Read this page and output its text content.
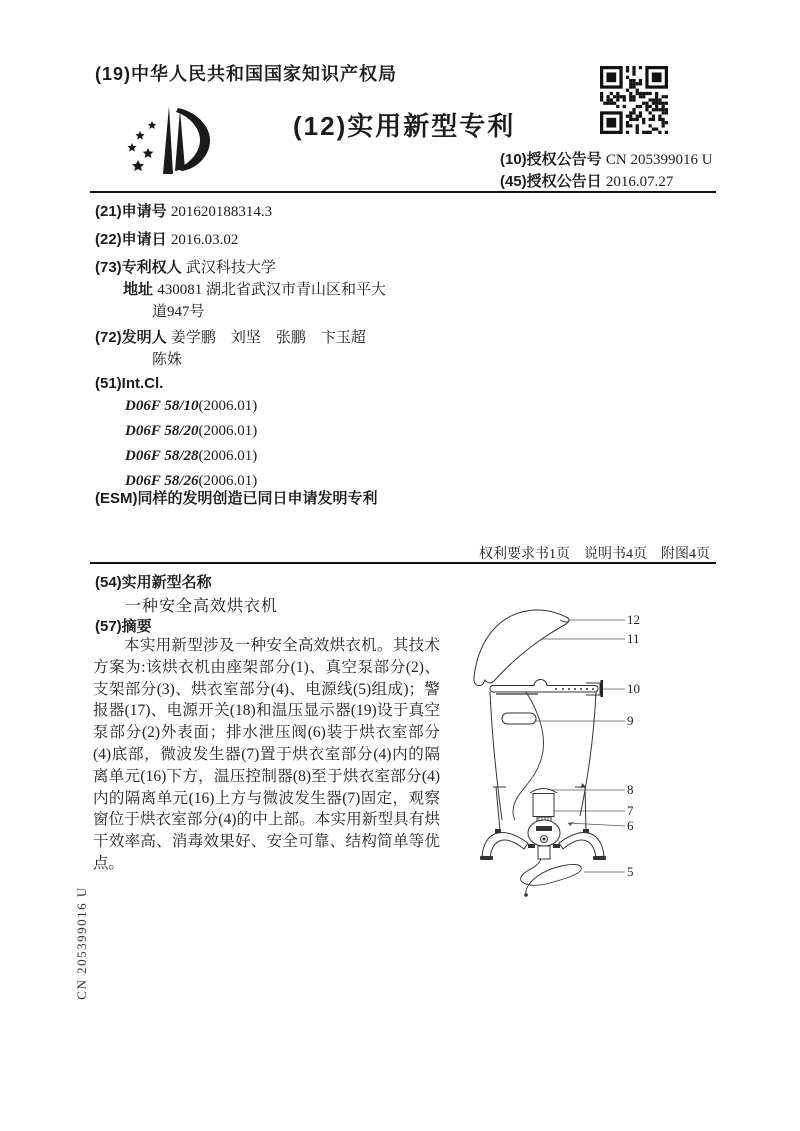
CN 205399016 U
(19)中华人民共和国国家知识产权局
(12)实用新型专利
(10)授权公告号 CN 205399016 U
(45)授权公告日 2016.07.27
(21)申请号 201620188314.3
(22)申请日 2016.03.02
(73)专利权人 武汉科技大学
地址 430081 湖北省武汉市青山区和平大
道947号
(72)发明人 姜学鹏　刘坚　张鹏　卞玉超
陈姝
(51)Int.Cl.
D06F 58/10(2006.01)
D06F 58/20(2006.01)
D06F 58/28(2006.01)
D06F 58/26(2006.01)
(ESM)同样的发明创造已同日申请发明专利
权利要求书1页　说明书4页　附图4页
(54)实用新型名称
一种安全高效烘衣机
(57)摘要
本实用新型涉及一种安全高效烘衣机。其技术方案为:该烘衣机由座架部分(1)、真空泵部分(2)、支架部分(3)、烘衣室部分(4)、电源线(5)组成)；警报器(17)、电源开关(18)和温压显示器(19)设于真空泵部分(2)外表面；排水泄压阀(6)装于烘衣室部分(4)底部，微波发生器(7)置于烘衣室部分(4)内的隔离单元(16)下方，温压控制器(8)至于烘衣室部分(4)内的隔离单元(16)上方与微波发生器(7)固定，观察窗位于烘衣室部分(4)的中上部。本实用新型具有烘干效率高、消毒效果好、安全可靠、结构简单等优点。
12
11
10
9
8
7
6
5
